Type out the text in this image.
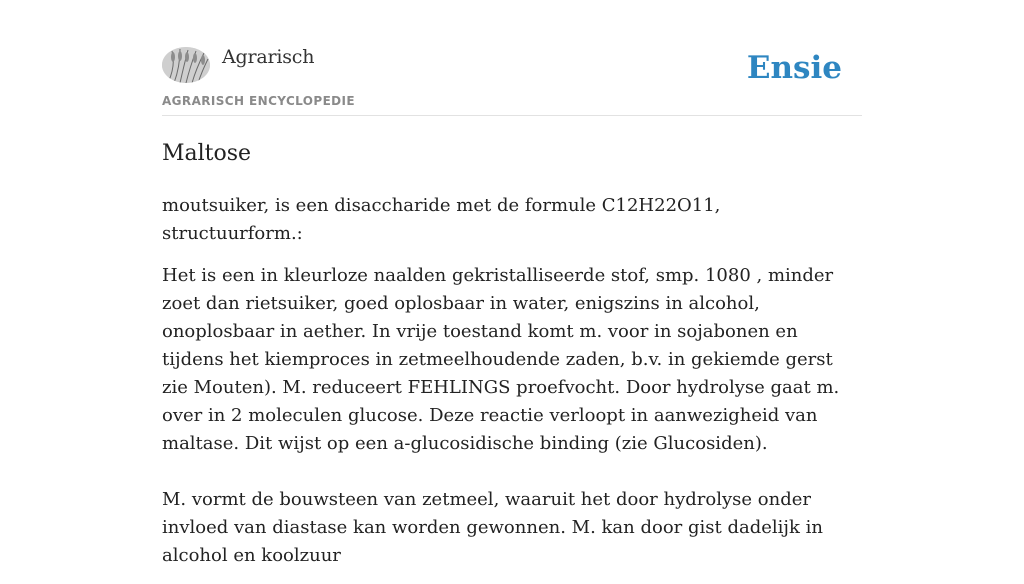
Agrarisch
AGRARISCH ENCYCLOPEDIE
Ensie
Maltose

moutsuiker, is een disaccharide met de formule C12H22O11, structuurform.:

Het is een in kleurloze naalden gekristalliseerde stof, smp. 1080 , minder zoet dan rietsuiker, goed oplosbaar in water, enigszins in alcohol, onoplosbaar in aether. In vrije toestand komt m. voor in sojabonen en tijdens het kiemproces in zetmeelhoudende zaden, b.v. in gekiemde gerst zie Mouten). M. reduceert FEHLINGS proefvocht. Door hydrolyse gaat m. over in 2 moleculen glucose. Deze reactie verloopt in aanwezigheid van maltase. Dit wijst op een a-glucosidische binding (zie Glucosiden).

M. vormt de bouwsteen van zetmeel, waaruit het door hydrolyse onder invloed van diastase kan worden gewonnen. M. kan door gist dadelijk in alcohol en koolzuur
